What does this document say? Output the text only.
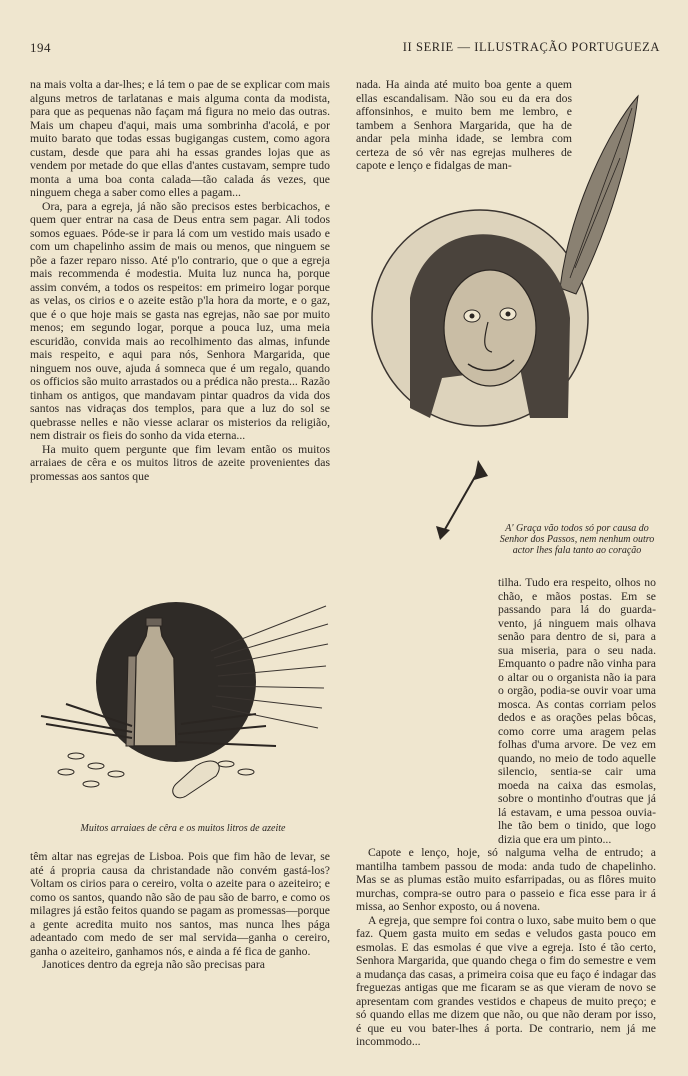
194	II SERIE — ILLUSTRAÇÃO PORTUGUEZA

na mais volta a dar-lhes; e lá tem o pae de se explicar com mais alguns metros de tarlatanas e mais alguma conta da modista, para que as pequenas não façam má figura no meio das outras. Mais um chapeu d'aqui, mais uma sombrinha d'acolá, e por muito barato que todas essas bugigangas custem, como agora custam, desde que para ahi ha essas grandes lojas que as vendem por metade do que ellas d'antes custavam, sempre tudo monta a uma boa conta calada—tão calada ás vezes, que ninguem chega a saber como elles a pagam...

Ora, para a egreja, já não são precisos estes berbicachos, e quem quer entrar na casa de Deus entra sem pagar. Ali todos somos eguaes. Póde-se ir para lá com um vestido mais usado e com um chapelinho assim de mais ou menos, que ninguem se põe a fazer reparo nisso. Até p'lo contrario, que o que a egreja mais recommenda é modestia. Muita luz nunca ha, porque assim convém, a todos os respeitos: em primeiro logar porque as velas, os cirios e o azeite estão p'la hora da morte, e o gaz, que é o que hoje mais se gasta nas egrejas, não sae por muito menos; em segundo logar, porque a pouca luz, uma meia escuridão, convida mais ao recolhimento das almas, infunde mais respeito, e aqui para nós, Senhora Margarida, que ninguem nos ouve, ajuda á somneca que é um regalo, quando os officios são muito arrastados ou a prédica não presta... Razão tinham os antigos, que mandavam pintar quadros da vida dos santos nas vidraças dos templos, para que a luz do sol se quebrasse nelles e não viesse aclarar os misterios da religião, nem distrair os fieis do sonho da vida eterna...

Ha muito quem pergunte que fim levam então os muitos arraiaes de cêra e os muitos litros de azeite provenientes das promessas aos santos que

Muitos arraiaes de cêra e os muitos litros de azeite

têm altar nas egrejas de Lisboa. Pois que fim hão de levar, se até á propria causa da christandade não convém gastá-los? Voltam os cirios para o cereiro, volta o azeite para o azeiteiro; e como os santos, quando não são de pau são de barro, e como os milagres já estão feitos quando se pagam as promessas—porque a gente acredita muito nos santos, mas nunca lhes pága adeantado com medo de ser mal servida—ganha o cereiro, ganha o azeiteiro, ganhamos nós, e ainda a fé fica de ganho.

Janotices dentro da egreja não são precisas para

nada. Ha ainda até muito boa gente a quem ellas escandalisam. Não sou eu da era dos affonsinhos, e muito bem me lembro, e tambem a Senhora Margarida, que ha de andar pela minha idade, se lembra com certeza de só vêr nas egrejas mulheres de capote e lenço e fidalgas de man-

A' Graça vão todos só por causa do Senhor dos Passos, nem nenhum outro actor lhes fala tanto ao coração

tilha. Tudo era respeito, olhos no chão, e mãos postas. Em se passando para lá do guarda-vento, já ninguem mais olhava senão para dentro de si, para a sua miseria, para o seu nada. Emquanto o padre não vinha para o altar ou o organista não ia para o orgão, podia-se ouvir voar uma mosca. As contas corriam pelos dedos e as orações pelas bôcas, como corre uma aragem pelas folhas d'uma arvore. De vez em quando, no meio de todo aquelle silencio, sentia-se cair uma moeda na caixa das esmolas, sobre o montinho d'outras que já lá estavam, e uma pessoa ouvia-lhe tão bem o tinido, que logo dizia que era um pinto...

Capote e lenço, hoje, só nalguma velha de entrudo; a mantilha tambem passou de moda: anda tudo de chapelinho. Mas se as plumas estão muito esfarripadas, ou as flôres muito murchas, compra-se outro para o passeio e fica esse para ir á missa, ao Senhor exposto, ou á novena.

A egreja, que sempre foi contra o luxo, sabe muito bem o que faz. Quem gasta muito em sedas e veludos gasta pouco em esmolas. E das esmolas é que vive a egreja. Isto é tão certo, Senhora Margarida, que quando chega o fim do semestre e vem a mudança das casas, a primeira coisa que eu faço é indagar das freguezas antigas que me ficaram se as que vieram de novo se apresentam com grandes vestidos e chapeus de muito preço; e só quando ellas me dizem que não, ou que não deram por isso, é que eu vou bater-lhes á porta. De contrario, nem já me incommodo...
